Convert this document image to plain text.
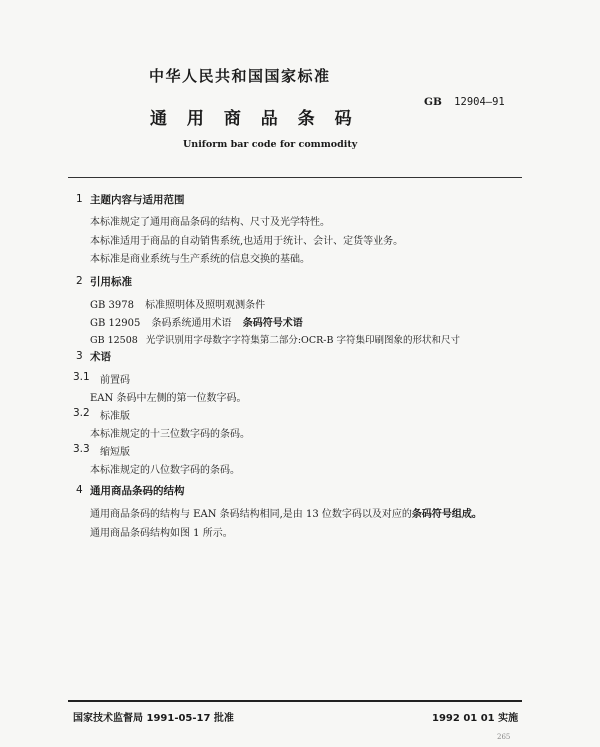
中华人民共和国国家标准
通 用 商 品 条 码
GB 12904—91
Uniform bar code for commodity
1 主题内容与适用范围
本标准规定了通用商品条码的结构、尺寸及光学特性。
本标准适用于商品的自动销售系统,也适用于统计、会计、定货等业务。
本标准是商业系统与生产系统的信息交换的基础。
2 引用标准
GB 3978 标准照明体及照明观测条件
GB 12905 条码系统通用术语 条码符号术语
GB 12508 光学识别用字母数字字符集第二部分:OCR-B 字符集印刷图象的形状和尺寸
3 术语
3.1 前置码
EAN 条码中左侧的第一位数字码。
3.2 标准版
本标准规定的十三位数字码的条码。
3.3 缩短版
本标准规定的八位数字码的条码。
4 通用商品条码的结构
通用商品条码的结构与 EAN 条码结构相同,是由 13 位数字码以及对应的条码符号组成。
通用商品条码结构如图 1 所示。
国家技术监督局 1991-05-17 批准	1992 01 01 实施
265
